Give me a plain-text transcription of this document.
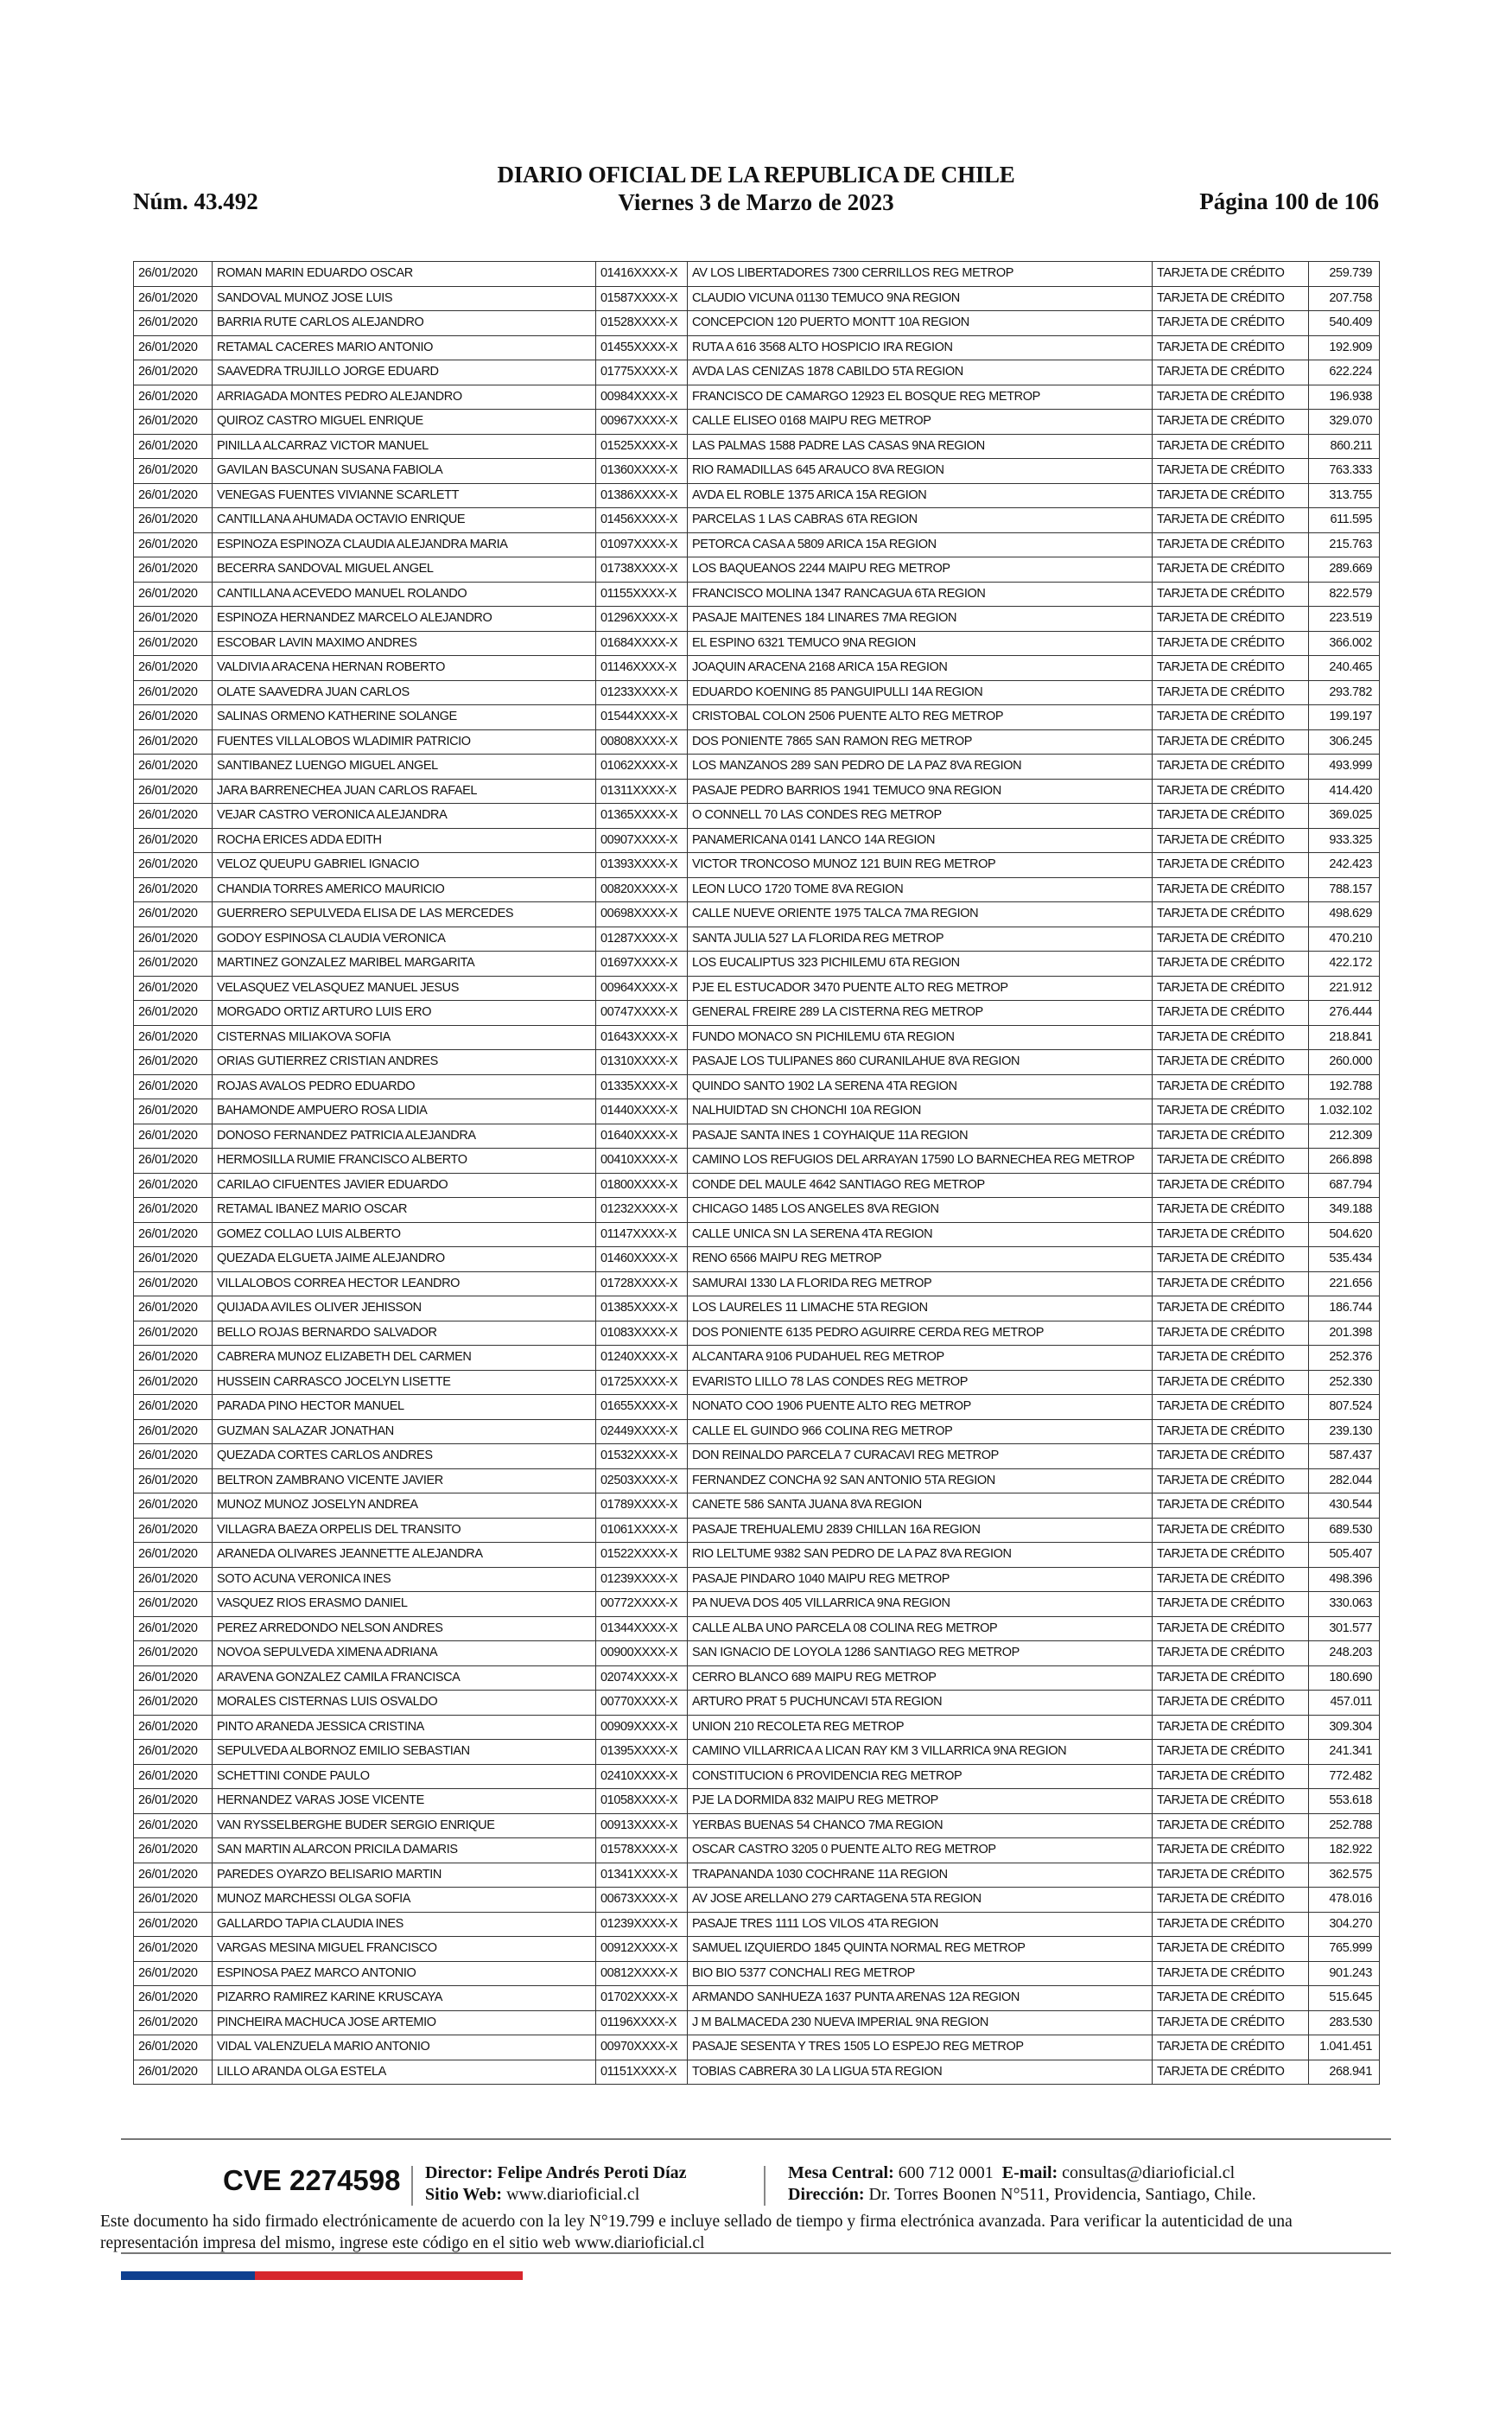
Núm. 43.492
DIARIO OFICIAL DE LA REPUBLICA DE CHILE
Viernes 3 de Marzo de 2023	Página 100 de 106
26/01/2020	ROMAN MARIN EDUARDO OSCAR	01416XXXX-X	AV LOS LIBERTADORES 7300 CERRILLOS REG METROP	TARJETA DE CRÉDITO	259.739
26/01/2020	SANDOVAL MUNOZ JOSE LUIS	01587XXXX-X	CLAUDIO VICUNA 01130 TEMUCO 9NA REGION	TARJETA DE CRÉDITO	207.758
26/01/2020	BARRIA RUTE CARLOS ALEJANDRO	01528XXXX-X	CONCEPCION 120 PUERTO MONTT 10A REGION	TARJETA DE CRÉDITO	540.409
26/01/2020	RETAMAL CACERES MARIO ANTONIO	01455XXXX-X	RUTA A 616 3568 ALTO HOSPICIO IRA REGION	TARJETA DE CRÉDITO	192.909
26/01/2020	SAAVEDRA TRUJILLO JORGE EDUARD	01775XXXX-X	AVDA LAS CENIZAS 1878 CABILDO 5TA REGION	TARJETA DE CRÉDITO	622.224
26/01/2020	ARRIAGADA MONTES PEDRO ALEJANDRO	00984XXXX-X	FRANCISCO DE CAMARGO 12923 EL BOSQUE REG METROP	TARJETA DE CRÉDITO	196.938
26/01/2020	QUIROZ CASTRO MIGUEL ENRIQUE	00967XXXX-X	CALLE ELISEO 0168 MAIPU REG METROP	TARJETA DE CRÉDITO	329.070
26/01/2020	PINILLA ALCARRAZ VICTOR MANUEL	01525XXXX-X	LAS PALMAS 1588 PADRE LAS CASAS 9NA REGION	TARJETA DE CRÉDITO	860.211
26/01/2020	GAVILAN BASCUNAN SUSANA FABIOLA	01360XXXX-X	RIO RAMADILLAS 645 ARAUCO 8VA REGION	TARJETA DE CRÉDITO	763.333
26/01/2020	VENEGAS FUENTES VIVIANNE SCARLETT	01386XXXX-X	AVDA EL ROBLE 1375 ARICA 15A REGION	TARJETA DE CRÉDITO	313.755
26/01/2020	CANTILLANA AHUMADA OCTAVIO ENRIQUE	01456XXXX-X	PARCELAS 1 LAS CABRAS 6TA REGION	TARJETA DE CRÉDITO	611.595
26/01/2020	ESPINOZA ESPINOZA CLAUDIA ALEJANDRA MARIA	01097XXXX-X	PETORCA CASA A 5809 ARICA 15A REGION	TARJETA DE CRÉDITO	215.763
26/01/2020	BECERRA SANDOVAL MIGUEL ANGEL	01738XXXX-X	LOS BAQUEANOS 2244 MAIPU REG METROP	TARJETA DE CRÉDITO	289.669
26/01/2020	CANTILLANA ACEVEDO MANUEL ROLANDO	01155XXXX-X	FRANCISCO MOLINA 1347 RANCAGUA 6TA REGION	TARJETA DE CRÉDITO	822.579
26/01/2020	ESPINOZA HERNANDEZ MARCELO ALEJANDRO	01296XXXX-X	PASAJE MAITENES 184 LINARES 7MA REGION	TARJETA DE CRÉDITO	223.519
26/01/2020	ESCOBAR LAVIN MAXIMO ANDRES	01684XXXX-X	EL ESPINO 6321 TEMUCO 9NA REGION	TARJETA DE CRÉDITO	366.002
26/01/2020	VALDIVIA ARACENA HERNAN ROBERTO	01146XXXX-X	JOAQUIN ARACENA 2168 ARICA 15A REGION	TARJETA DE CRÉDITO	240.465
26/01/2020	OLATE SAAVEDRA JUAN CARLOS	01233XXXX-X	EDUARDO KOENING 85 PANGUIPULLI 14A REGION	TARJETA DE CRÉDITO	293.782
26/01/2020	SALINAS ORMENO KATHERINE SOLANGE	01544XXXX-X	CRISTOBAL COLON 2506 PUENTE ALTO REG METROP	TARJETA DE CRÉDITO	199.197
26/01/2020	FUENTES VILLALOBOS WLADIMIR PATRICIO	00808XXXX-X	DOS PONIENTE 7865 SAN RAMON REG METROP	TARJETA DE CRÉDITO	306.245
26/01/2020	SANTIBANEZ LUENGO MIGUEL ANGEL	01062XXXX-X	LOS MANZANOS 289 SAN PEDRO DE LA PAZ 8VA REGION	TARJETA DE CRÉDITO	493.999
26/01/2020	JARA BARRENECHEA JUAN CARLOS RAFAEL	01311XXXX-X	PASAJE PEDRO BARRIOS 1941 TEMUCO 9NA REGION	TARJETA DE CRÉDITO	414.420
26/01/2020	VEJAR CASTRO VERONICA ALEJANDRA	01365XXXX-X	O CONNELL 70 LAS CONDES REG METROP	TARJETA DE CRÉDITO	369.025
26/01/2020	ROCHA ERICES ADDA EDITH	00907XXXX-X	PANAMERICANA 0141 LANCO 14A REGION	TARJETA DE CRÉDITO	933.325
26/01/2020	VELOZ QUEUPU GABRIEL IGNACIO	01393XXXX-X	VICTOR TRONCOSO MUNOZ 121 BUIN REG METROP	TARJETA DE CRÉDITO	242.423
26/01/2020	CHANDIA TORRES AMERICO MAURICIO	00820XXXX-X	LEON LUCO 1720 TOME 8VA REGION	TARJETA DE CRÉDITO	788.157
26/01/2020	GUERRERO SEPULVEDA ELISA DE LAS MERCEDES	00698XXXX-X	CALLE NUEVE ORIENTE 1975 TALCA 7MA REGION	TARJETA DE CRÉDITO	498.629
26/01/2020	GODOY ESPINOSA CLAUDIA VERONICA	01287XXXX-X	SANTA JULIA 527 LA FLORIDA REG METROP	TARJETA DE CRÉDITO	470.210
26/01/2020	MARTINEZ GONZALEZ MARIBEL MARGARITA	01697XXXX-X	LOS EUCALIPTUS 323 PICHILEMU 6TA REGION	TARJETA DE CRÉDITO	422.172
26/01/2020	VELASQUEZ VELASQUEZ MANUEL JESUS	00964XXXX-X	PJE EL ESTUCADOR 3470 PUENTE ALTO REG METROP	TARJETA DE CRÉDITO	221.912
26/01/2020	MORGADO ORTIZ ARTURO LUIS ERO	00747XXXX-X	GENERAL FREIRE 289 LA CISTERNA REG METROP	TARJETA DE CRÉDITO	276.444
26/01/2020	CISTERNAS MILIAKOVA SOFIA	01643XXXX-X	FUNDO MONACO SN PICHILEMU 6TA REGION	TARJETA DE CRÉDITO	218.841
26/01/2020	ORIAS GUTIERREZ CRISTIAN ANDRES	01310XXXX-X	PASAJE LOS TULIPANES 860 CURANILAHUE 8VA REGION	TARJETA DE CRÉDITO	260.000
26/01/2020	ROJAS AVALOS PEDRO EDUARDO	01335XXXX-X	QUINDO SANTO 1902 LA SERENA 4TA REGION	TARJETA DE CRÉDITO	192.788
26/01/2020	BAHAMONDE AMPUERO ROSA LIDIA	01440XXXX-X	NALHUIDTAD SN CHONCHI 10A REGION	TARJETA DE CRÉDITO	1.032.102
26/01/2020	DONOSO FERNANDEZ PATRICIA ALEJANDRA	01640XXXX-X	PASAJE SANTA INES 1 COYHAIQUE 11A REGION	TARJETA DE CRÉDITO	212.309
26/01/2020	HERMOSILLA RUMIE FRANCISCO ALBERTO	00410XXXX-X	CAMINO LOS REFUGIOS DEL ARRAYAN 17590 LO BARNECHEA REG METROP	TARJETA DE CRÉDITO	266.898
26/01/2020	CARILAO CIFUENTES JAVIER EDUARDO	01800XXXX-X	CONDE DEL MAULE 4642 SANTIAGO REG METROP	TARJETA DE CRÉDITO	687.794
26/01/2020	RETAMAL IBANEZ MARIO OSCAR	01232XXXX-X	CHICAGO 1485 LOS ANGELES 8VA REGION	TARJETA DE CRÉDITO	349.188
26/01/2020	GOMEZ COLLAO LUIS ALBERTO	01147XXXX-X	CALLE UNICA SN LA SERENA 4TA REGION	TARJETA DE CRÉDITO	504.620
26/01/2020	QUEZADA ELGUETA JAIME ALEJANDRO	01460XXXX-X	RENO 6566 MAIPU REG METROP	TARJETA DE CRÉDITO	535.434
26/01/2020	VILLALOBOS CORREA HECTOR LEANDRO	01728XXXX-X	SAMURAI 1330 LA FLORIDA REG METROP	TARJETA DE CRÉDITO	221.656
26/01/2020	QUIJADA AVILES OLIVER JEHISSON	01385XXXX-X	LOS LAURELES 11 LIMACHE 5TA REGION	TARJETA DE CRÉDITO	186.744
26/01/2020	BELLO ROJAS BERNARDO SALVADOR	01083XXXX-X	DOS PONIENTE 6135 PEDRO AGUIRRE CERDA REG METROP	TARJETA DE CRÉDITO	201.398
26/01/2020	CABRERA MUNOZ ELIZABETH DEL CARMEN	01240XXXX-X	ALCANTARA 9106 PUDAHUEL REG METROP	TARJETA DE CRÉDITO	252.376
26/01/2020	HUSSEIN CARRASCO JOCELYN LISETTE	01725XXXX-X	EVARISTO LILLO 78 LAS CONDES REG METROP	TARJETA DE CRÉDITO	252.330
26/01/2020	PARADA PINO HECTOR MANUEL	01655XXXX-X	NONATO COO 1906 PUENTE ALTO REG METROP	TARJETA DE CRÉDITO	807.524
26/01/2020	GUZMAN SALAZAR JONATHAN	02449XXXX-X	CALLE EL GUINDO 966 COLINA REG METROP	TARJETA DE CRÉDITO	239.130
26/01/2020	QUEZADA CORTES CARLOS ANDRES	01532XXXX-X	DON REINALDO PARCELA 7 CURACAVI REG METROP	TARJETA DE CRÉDITO	587.437
26/01/2020	BELTRON ZAMBRANO VICENTE JAVIER	02503XXXX-X	FERNANDEZ CONCHA 92 SAN ANTONIO 5TA REGION	TARJETA DE CRÉDITO	282.044
26/01/2020	MUNOZ MUNOZ JOSELYN ANDREA	01789XXXX-X	CANETE 586 SANTA JUANA 8VA REGION	TARJETA DE CRÉDITO	430.544
26/01/2020	VILLAGRA BAEZA ORPELIS DEL TRANSITO	01061XXXX-X	PASAJE TREHUALEMU 2839 CHILLAN 16A REGION	TARJETA DE CRÉDITO	689.530
26/01/2020	ARANEDA OLIVARES JEANNETTE ALEJANDRA	01522XXXX-X	RIO LELTUME 9382 SAN PEDRO DE LA PAZ 8VA REGION	TARJETA DE CRÉDITO	505.407
26/01/2020	SOTO ACUNA VERONICA INES	01239XXXX-X	PASAJE PINDARO 1040 MAIPU REG METROP	TARJETA DE CRÉDITO	498.396
26/01/2020	VASQUEZ RIOS ERASMO DANIEL	00772XXXX-X	PA NUEVA DOS 405 VILLARRICA 9NA REGION	TARJETA DE CRÉDITO	330.063
26/01/2020	PEREZ ARREDONDO NELSON ANDRES	01344XXXX-X	CALLE ALBA UNO PARCELA 08 COLINA REG METROP	TARJETA DE CRÉDITO	301.577
26/01/2020	NOVOA SEPULVEDA XIMENA ADRIANA	00900XXXX-X	SAN IGNACIO DE LOYOLA 1286 SANTIAGO REG METROP	TARJETA DE CRÉDITO	248.203
26/01/2020	ARAVENA GONZALEZ CAMILA FRANCISCA	02074XXXX-X	CERRO BLANCO 689 MAIPU REG METROP	TARJETA DE CRÉDITO	180.690
26/01/2020	MORALES CISTERNAS LUIS OSVALDO	00770XXXX-X	ARTURO PRAT 5 PUCHUNCAVI 5TA REGION	TARJETA DE CRÉDITO	457.011
26/01/2020	PINTO ARANEDA JESSICA CRISTINA	00909XXXX-X	UNION 210 RECOLETA REG METROP	TARJETA DE CRÉDITO	309.304
26/01/2020	SEPULVEDA ALBORNOZ EMILIO SEBASTIAN	01395XXXX-X	CAMINO VILLARRICA A LICAN RAY KM 3 VILLARRICA 9NA REGION	TARJETA DE CRÉDITO	241.341
26/01/2020	SCHETTINI CONDE PAULO	02410XXXX-X	CONSTITUCION 6 PROVIDENCIA REG METROP	TARJETA DE CRÉDITO	772.482
26/01/2020	HERNANDEZ VARAS JOSE VICENTE	01058XXXX-X	PJE LA DORMIDA 832 MAIPU REG METROP	TARJETA DE CRÉDITO	553.618
26/01/2020	VAN RYSSELBERGHE BUDER SERGIO ENRIQUE	00913XXXX-X	YERBAS BUENAS 54 CHANCO 7MA REGION	TARJETA DE CRÉDITO	252.788
26/01/2020	SAN MARTIN ALARCON PRICILA DAMARIS	01578XXXX-X	OSCAR CASTRO 3205 0 PUENTE ALTO REG METROP	TARJETA DE CRÉDITO	182.922
26/01/2020	PAREDES OYARZO BELISARIO MARTIN	01341XXXX-X	TRAPANANDA 1030 COCHRANE 11A REGION	TARJETA DE CRÉDITO	362.575
26/01/2020	MUNOZ MARCHESSI OLGA SOFIA	00673XXXX-X	AV JOSE ARELLANO 279 CARTAGENA 5TA REGION	TARJETA DE CRÉDITO	478.016
26/01/2020	GALLARDO TAPIA CLAUDIA INES	01239XXXX-X	PASAJE TRES 1111 LOS VILOS 4TA REGION	TARJETA DE CRÉDITO	304.270
26/01/2020	VARGAS MESINA MIGUEL FRANCISCO	00912XXXX-X	SAMUEL IZQUIERDO 1845 QUINTA NORMAL REG METROP	TARJETA DE CRÉDITO	765.999
26/01/2020	ESPINOSA PAEZ MARCO ANTONIO	00812XXXX-X	BIO BIO 5377 CONCHALI REG METROP	TARJETA DE CRÉDITO	901.243
26/01/2020	PIZARRO RAMIREZ KARINE KRUSCAYA	01702XXXX-X	ARMANDO SANHUEZA 1637 PUNTA ARENAS 12A REGION	TARJETA DE CRÉDITO	515.645
26/01/2020	PINCHEIRA MACHUCA JOSE ARTEMIO	01196XXXX-X	J M BALMACEDA 230 NUEVA IMPERIAL 9NA REGION	TARJETA DE CRÉDITO	283.530
26/01/2020	VIDAL VALENZUELA MARIO ANTONIO	00970XXXX-X	PASAJE SESENTA Y TRES 1505 LO ESPEJO REG METROP	TARJETA DE CRÉDITO	1.041.451
26/01/2020	LILLO ARANDA OLGA ESTELA	01151XXXX-X	TOBIAS CABRERA 30 LA LIGUA 5TA REGION	TARJETA DE CRÉDITO	268.941
CVE 2274598 Director: Felipe Andrés Peroti Díaz
Sitio Web: www.diarioficial.cl
Mesa Central: 600 712 0001 E-mail: consultas@diarioficial.cl
Dirección: Dr. Torres Boonen N°511, Providencia, Santiago, Chile.
Este documento ha sido firmado electrónicamente de acuerdo con la ley N°19.799 e incluye sellado de tiempo y firma electrónica avanzada. Para verificar la autenticidad de una representación impresa del mismo, ingrese este código en el sitio web www.diarioficial.cl
